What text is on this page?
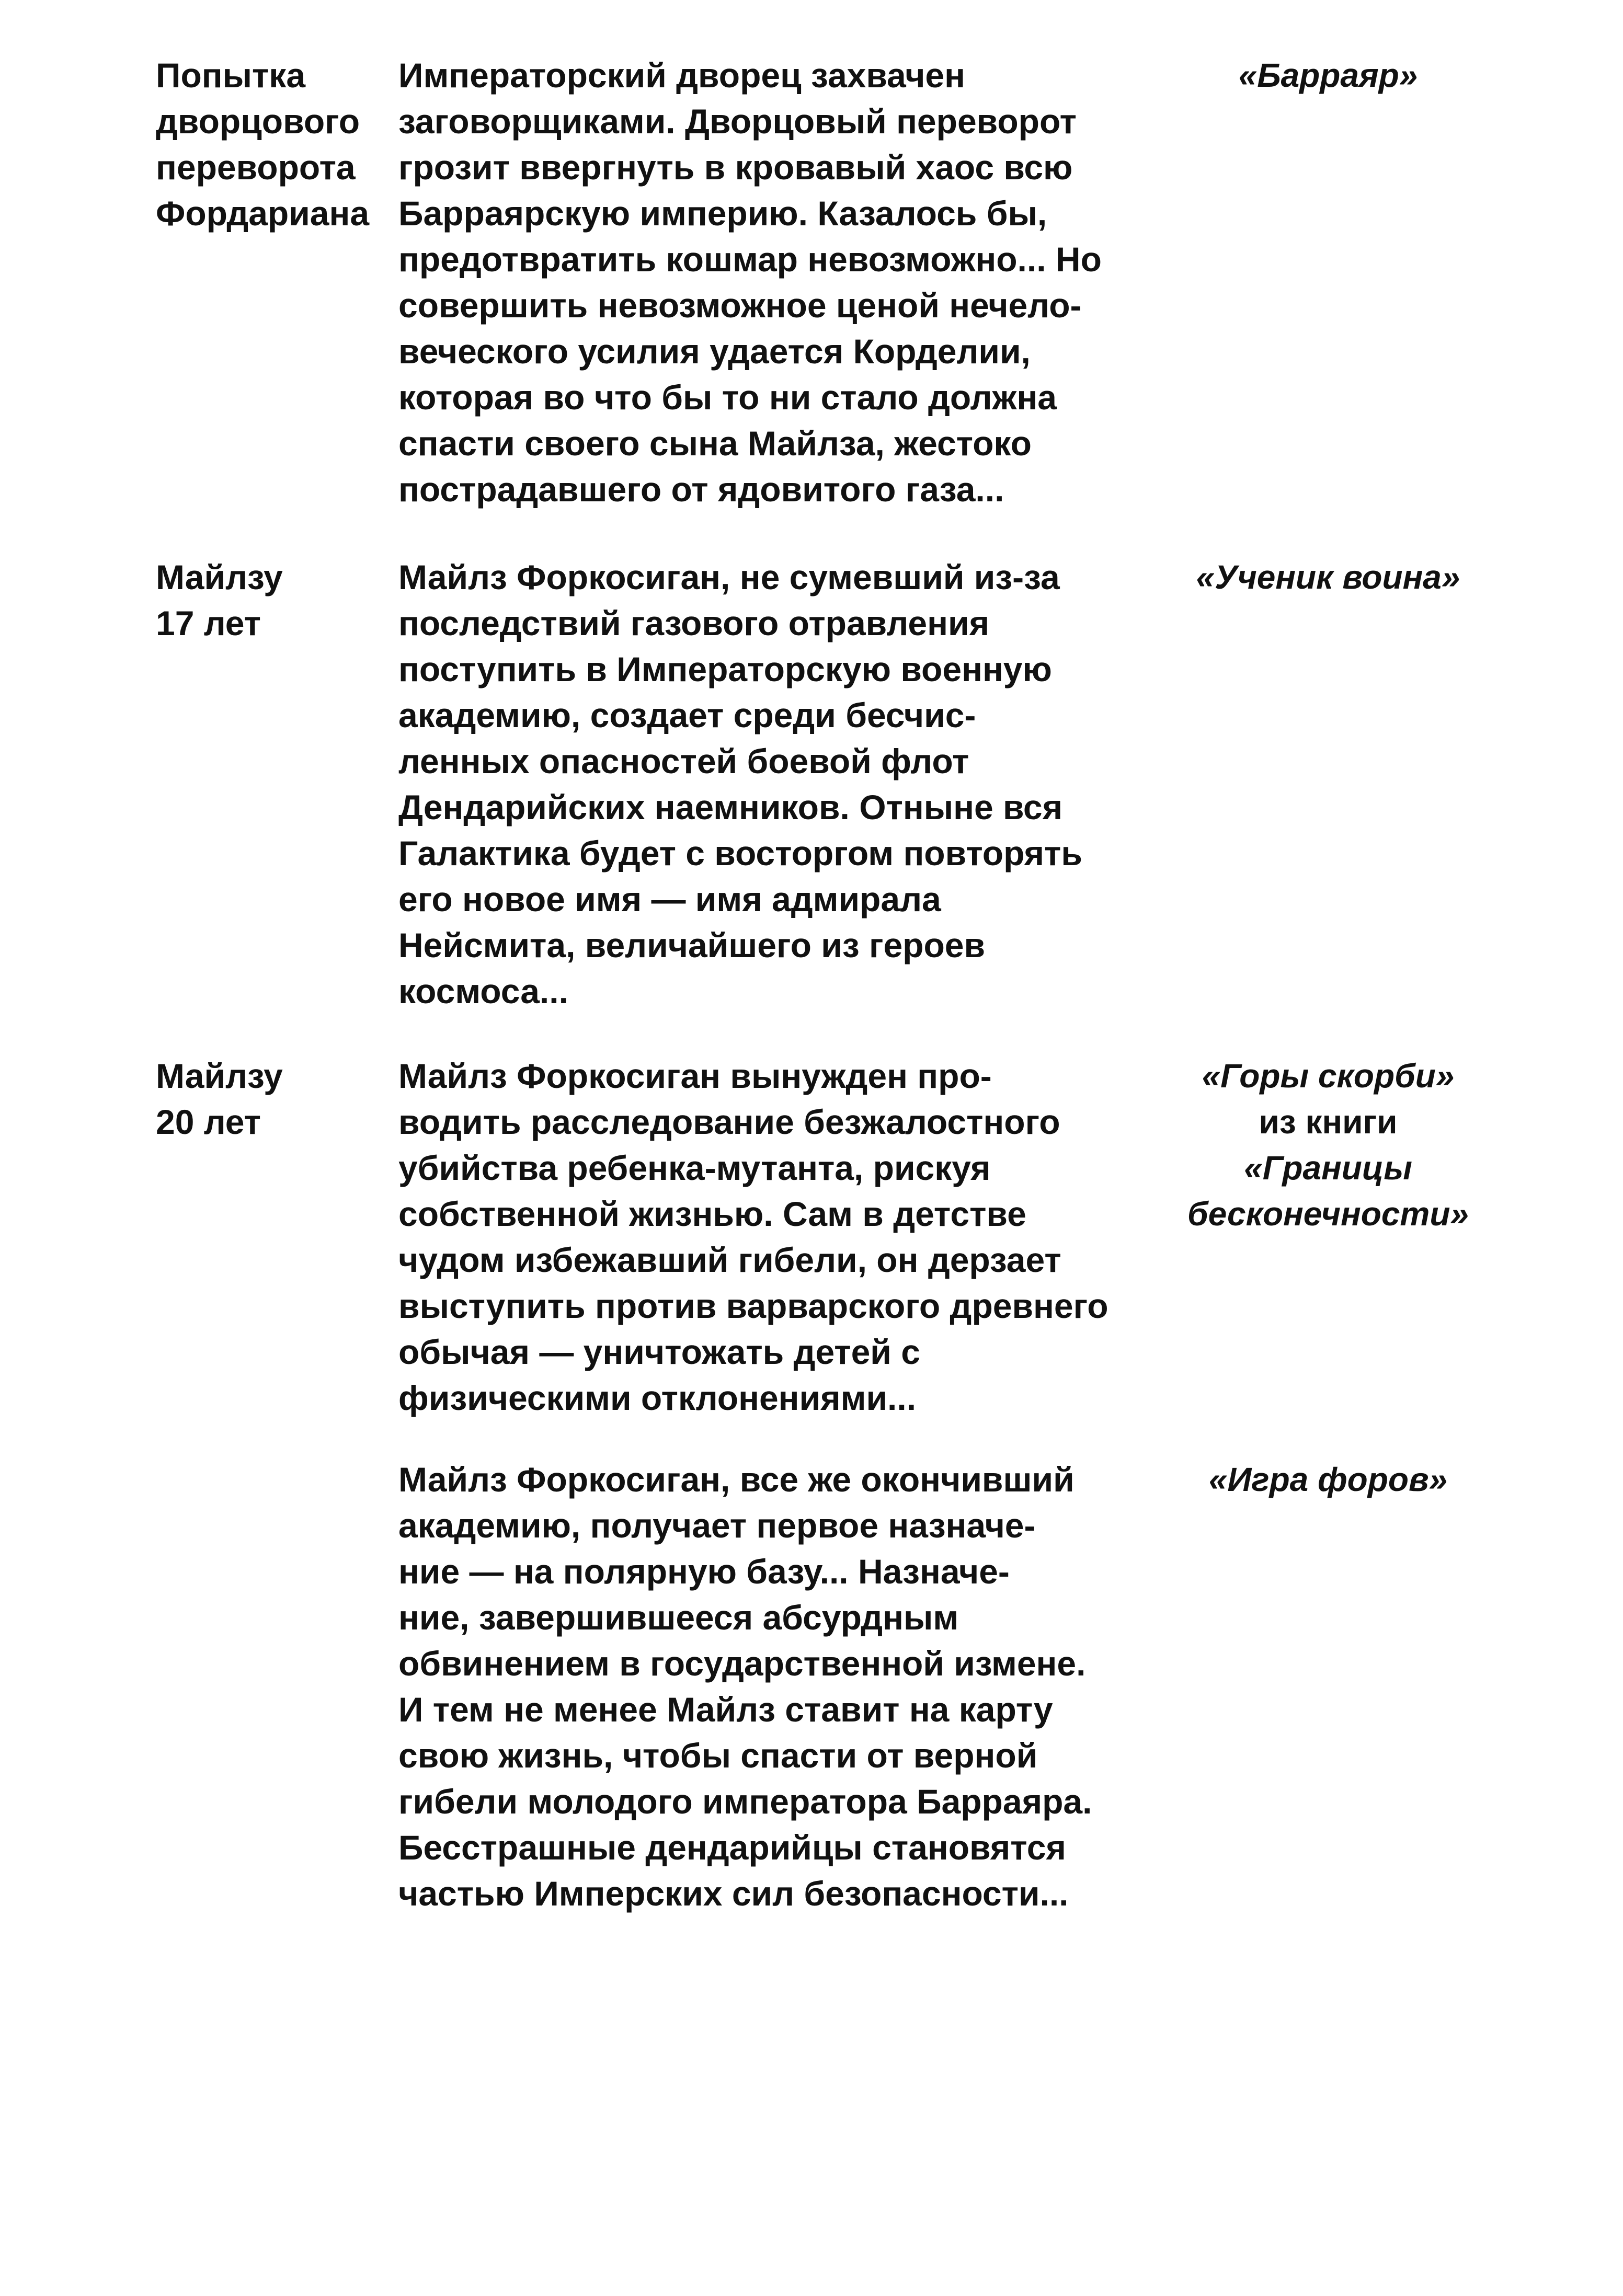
Попытка
дворцового
переворота
Фордариана
Императорский дворец захвачен
заговорщиками. Дворцовый переворот
грозит ввергнуть в кровавый хаос всю
Барраярскую империю. Казалось бы,
предотвратить кошмар невозможно... Но
совершить невозможное ценой нечело-
веческого усилия удается Корделии,
которая во что бы то ни стало должна
спасти своего сына Майлза, жестоко
пострадавшего от ядовитого газа...
«Барраяр»
Майлзу
17 лет
Майлз Форкосиган, не сумевший из-за
последствий газового отравления
поступить в Императорскую военную
академию, создает среди бесчис-
ленных опасностей боевой флот
Дендарийских наемников. Отныне вся
Галактика будет с восторгом повторять
его новое имя — имя адмирала
Нейсмита, величайшего из героев
космоса...
«Ученик воина»
Майлзу
20 лет
Майлз Форкосиган вынужден про-
водить расследование безжалостного
убийства ребенка-мутанта, рискуя
собственной жизнью. Сам в детстве
чудом избежавший гибели, он дерзает
выступить против варварского древнего
обычая — уничтожать детей с
физическими отклонениями...
«Горы скорби»
из книги
«Границы
бесконечности»
Майлз Форкосиган, все же окончивший
академию, получает первое назначе-
ние — на полярную базу... Назначе-
ние, завершившееся абсурдным
обвинением в государственной измене.
И тем не менее Майлз ставит на карту
свою жизнь, чтобы спасти от верной
гибели молодого императора Барраяра.
Бесстрашные дендарийцы становятся
частью Имперских сил безопасности...
«Игра форов»
